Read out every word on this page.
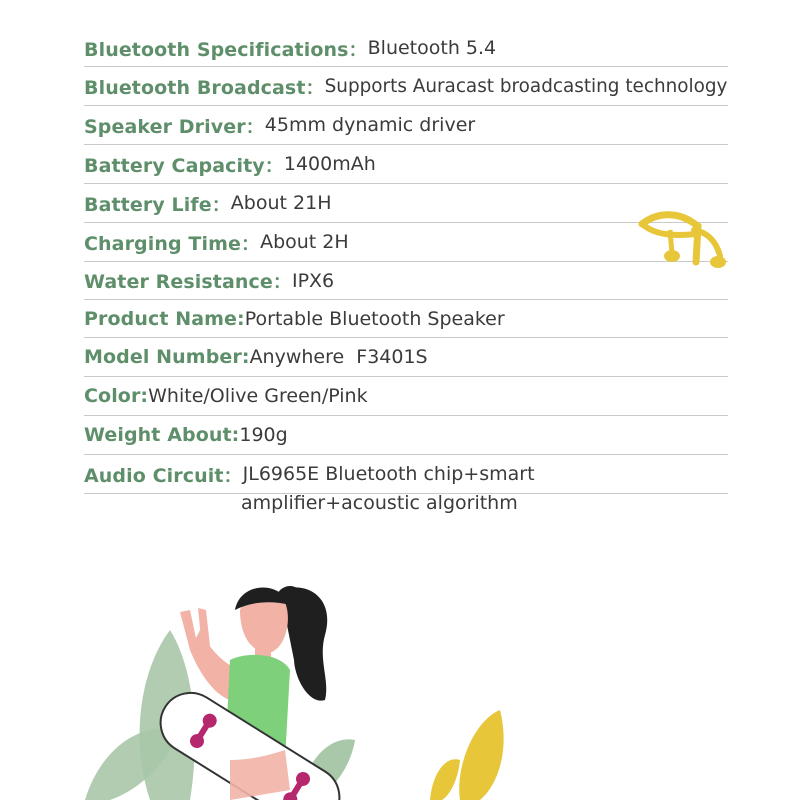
Bluetooth Specifications： Bluetooth 5.4
Bluetooth Broadcast： Supports Auracast broadcasting technology
Speaker Driver： 45mm dynamic driver
Battery Capacity： 1400mAh
Battery Life： About 21H
Charging Time： About 2H
Water Resistance： IPX6
Product Name: Portable Bluetooth Speaker
Model Number: Anywhere  F3401S
Color: White/Olive Green/Pink
Weight About: 190g
Audio Circuit： JL6965E Bluetooth chip+smart
amplifier+acoustic algorithm
